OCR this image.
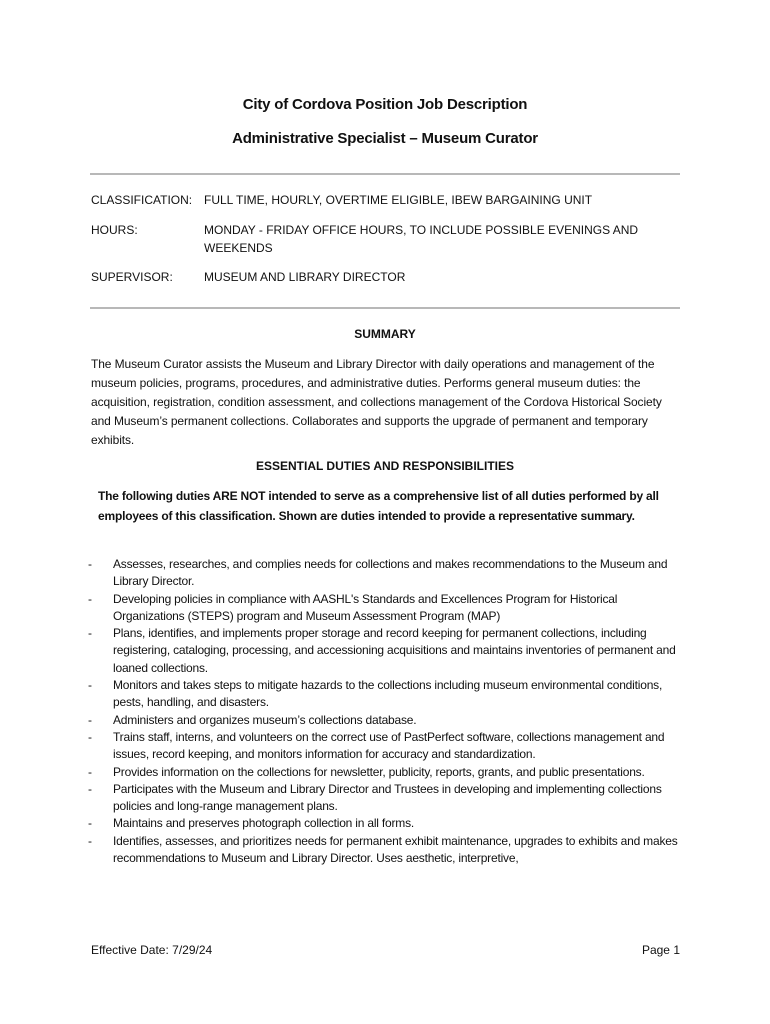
City of Cordova Position Job Description
Administrative Specialist – Museum Curator
CLASSIFICATION: FULL TIME, HOURLY, OVERTIME ELIGIBLE, IBEW BARGAINING UNIT
HOURS:	MONDAY - FRIDAY OFFICE HOURS, TO INCLUDE POSSIBLE EVENINGS AND WEEKENDS
SUPERVISOR:	MUSEUM AND LIBRARY DIRECTOR
SUMMARY
The Museum Curator assists the Museum and Library Director with daily operations and management of the museum policies, programs, procedures, and administrative duties. Performs general museum duties: the acquisition, registration, condition assessment, and collections management of the Cordova Historical Society and Museum’s permanent collections. Collaborates and supports the upgrade of permanent and temporary exhibits.
ESSENTIAL DUTIES AND RESPONSIBILITIES
The following duties ARE NOT intended to serve as a comprehensive list of all duties performed by all employees of this classification. Shown are duties intended to provide a representative summary.
- Assesses, researches, and complies needs for collections and makes recommendations to the Museum and Library Director.
- Developing policies in compliance with AASHL's Standards and Excellences Program for Historical Organizations (STEPS) program and Museum Assessment Program (MAP)
- Plans, identifies, and implements proper storage and record keeping for permanent collections, including registering, cataloging, processing, and accessioning acquisitions and maintains inventories of permanent and loaned collections.
- Monitors and takes steps to mitigate hazards to the collections including museum environmental conditions, pests, handling, and disasters.
- Administers and organizes museum’s collections database.
- Trains staff, interns, and volunteers on the correct use of PastPerfect software, collections management and issues, record keeping, and monitors information for accuracy and standardization.
- Provides information on the collections for newsletter, publicity, reports, grants, and public presentations.
- Participates with the Museum and Library Director and Trustees in developing and implementing collections policies and long-range management plans.
- Maintains and preserves photograph collection in all forms.
- Identifies, assesses, and prioritizes needs for permanent exhibit maintenance, upgrades to exhibits and makes recommendations to Museum and Library Director. Uses aesthetic, interpretive,
Effective Date: 7/29/24	Page 1
